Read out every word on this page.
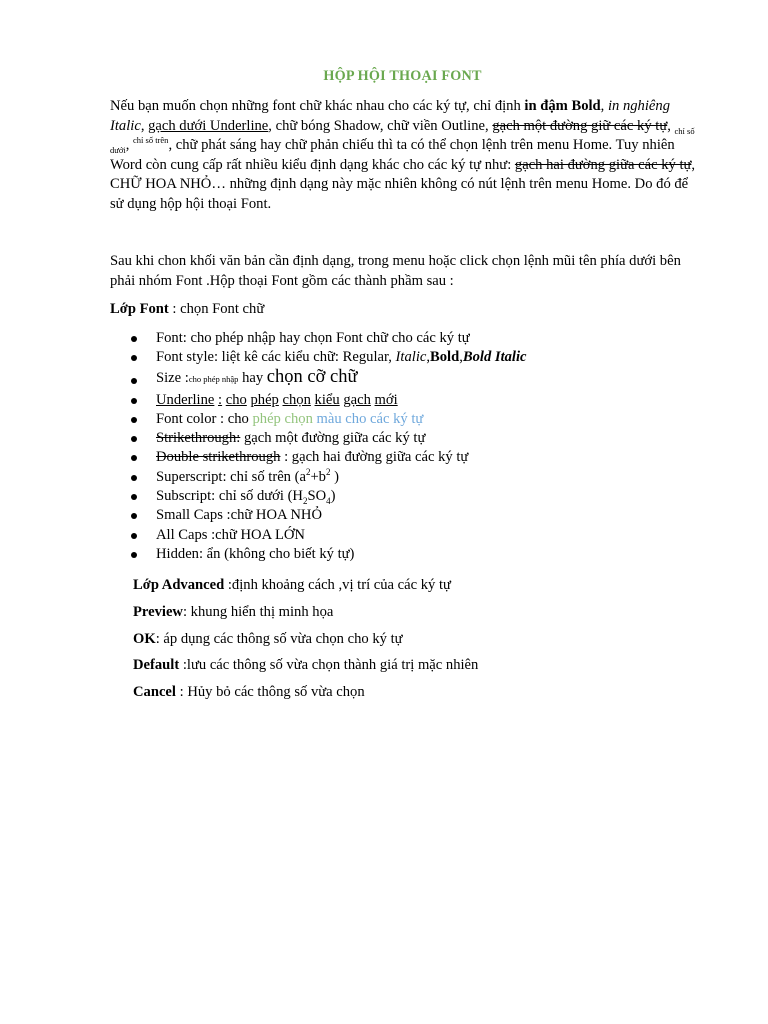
HỘP HỘI THOẠI FONT
Nếu bạn muốn chọn những font chữ khác nhau cho các ký tự, chỉ định in đậm Bold, in nghiêng Italic, gạch dưới Underline, chữ bóng Shadow, chữ viền Outline, gạch một đường giữ các ký tự, $_{chỉ số dưới}$, $^{chỉ số trên}$, chữ phát sáng hay chữ phản chiếu thì ta có thể chọn lệnh trên menu Home. Tuy nhiên Word còn cung cấp rất nhiều kiểu định dạng khác cho các ký tự như: gạch hai đường giữa các ký tự, CHỮ HOA NHỎ… những định dạng này mặc nhiên không có nút lệnh trên menu Home. Do đó để sử dụng hộp hội thoại Font.
Sau khi chon khối văn bản cần định dạng, trong menu hoặc click chọn lệnh mũi tên phía dưới bên phải nhóm Font .Hộp thoại Font gồm các thành phầm sau :
Lớp Font : chọn Font chữ
Font: cho phép nhập hay chọn Font chữ cho các ký tự
Font style: liệt kê các kiểu chữ: Regular, Italic,Bold,Bold Italic
Size :cho phép nhập hay chọn cỡ chữ
Underline : cho phép chọn kiểu gạch mới
Font color : cho phép chọn màu cho các ký tự
Strikethrough: gạch một đường giữa các ký tự
Double strikethrough : gạch hai đường giữa các ký tự
Superscript: chỉ số trên ($a^2+b^2$ )
Subscript: chỉ số dưới $(H_2SO_4)$
Small Caps :chữ HOA NHỎ
All Caps :chữ HOA LỚN
Hidden: ẩn (không cho biết ký tự)

Lớp Advanced :định khoảng cách ,vị trí của các ký tự

Preview: khung hiển thị minh họa

OK: áp dụng các thông số vừa chọn cho ký tự

Default :lưu các thông số vừa chọn thành giá trị mặc nhiên

Cancel : Hủy bỏ các thông số vừa chọn
